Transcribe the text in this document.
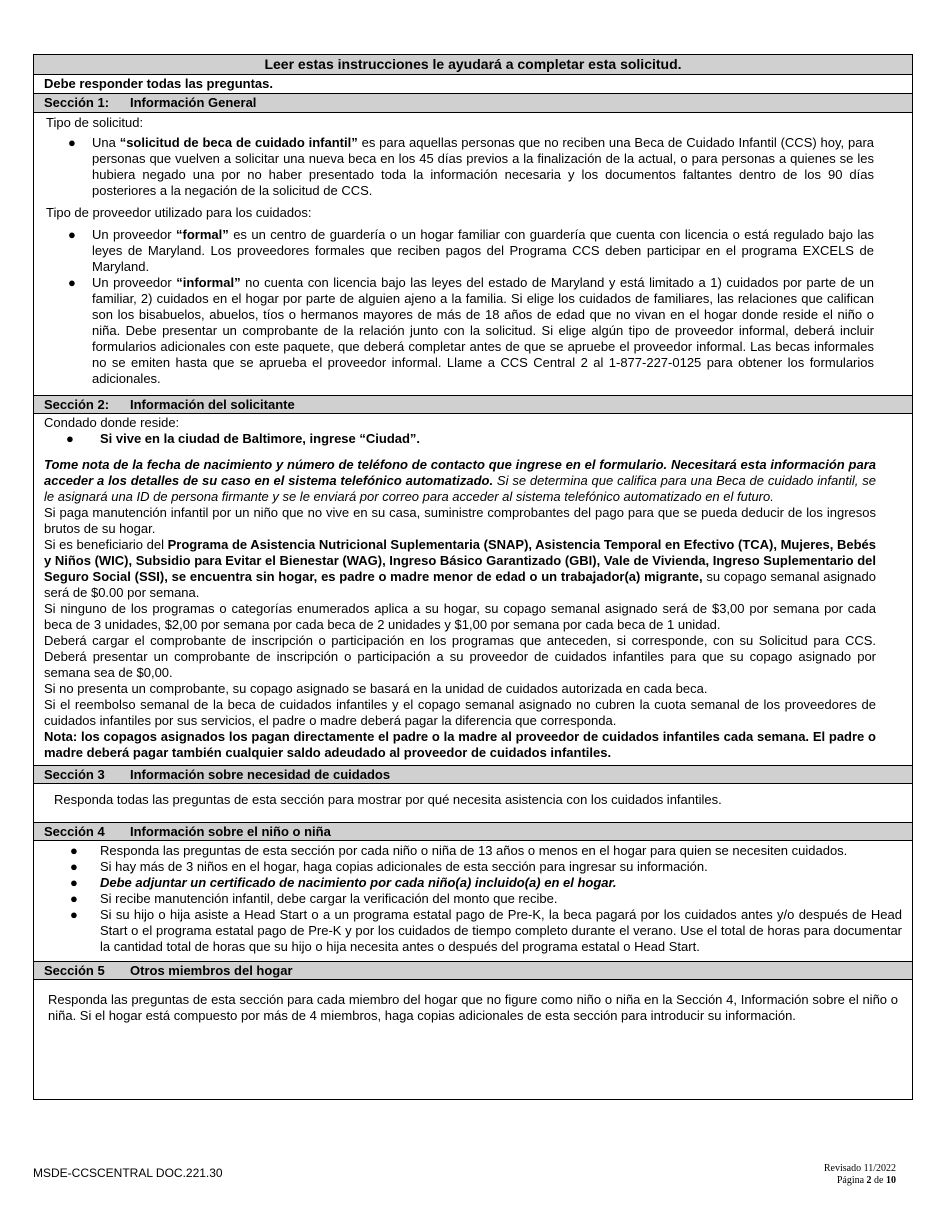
Leer estas instrucciones le ayudará a completar esta solicitud.
Debe responder todas las preguntas.
Sección 1: Información General

Tipo de solicitud:

● Una “solicitud de beca de cuidado infantil” es para aquellas personas que no reciben una Beca de Cuidado Infantil (CCS) hoy, para personas que vuelven a solicitar una nueva beca en los 45 días previos a la finalización de la actual, o para personas a quienes se les hubiera negado una por no haber presentado toda la información necesaria y los documentos faltantes dentro de los 90 días posteriores a la negación de la solicitud de CCS.

Tipo de proveedor utilizado para los cuidados:

● Un proveedor “formal” es un centro de guardería o un hogar familiar con guardería que cuenta con licencia o está regulado bajo las leyes de Maryland. Los proveedores formales que reciben pagos del Programa CCS deben participar en el programa EXCELS de Maryland.
● Un proveedor “informal” no cuenta con licencia bajo las leyes del estado de Maryland y está limitado a 1) cuidados por parte de un familiar, 2) cuidados en el hogar por parte de alguien ajeno a la familia. Si elige los cuidados de familiares, las relaciones que califican son los bisabuelos, abuelos, tíos o hermanos mayores de más de 18 años de edad que no vivan en el hogar donde reside el niño o niña. Debe presentar un comprobante de la relación junto con la solicitud. Si elige algún tipo de proveedor informal, deberá incluir formularios adicionales con este paquete, que deberá completar antes de que se apruebe el proveedor informal. Las becas informales no se emiten hasta que se aprueba el proveedor informal. Llame a CCS Central 2 al 1-877-227-0125 para obtener los formularios adicionales.
Sección 2: Información del solicitante

Condado donde reside:

● Si vive en la ciudad de Baltimore, ingrese “Ciudad”.

Tome nota de la fecha de nacimiento y número de teléfono de contacto que ingrese en el formulario. Necesitará esta información para acceder a los detalles de su caso en el sistema telefónico automatizado. Si se determina que califica para una Beca de cuidado infantil, se le asignará una ID de persona firmante y se le enviará por correo para acceder al sistema telefónico automatizado en el futuro.

Si paga manutención infantil por un niño que no vive en su casa, suministre comprobantes del pago para que se pueda deducir de los ingresos brutos de su hogar.

Si es beneficiario del Programa de Asistencia Nutricional Suplementaria (SNAP), Asistencia Temporal en Efectivo (TCA), Mujeres, Bebés y Niños (WIC), Subsidio para Evitar el Bienestar (WAG), Ingreso Básico Garantizado (GBI), Vale de Vivienda, Ingreso Suplementario del Seguro Social (SSI), se encuentra sin hogar, es padre o madre menor de edad o un trabajador(a) migrante, su copago semanal asignado será de $0.00 por semana.

Si ninguno de los programas o categorías enumerados aplica a su hogar, su copago semanal asignado será de $3,00 por semana por cada beca de 3 unidades, $2,00 por semana por cada beca de 2 unidades y $1,00 por semana por cada beca de 1 unidad.

Deberá cargar el comprobante de inscripción o participación en los programas que anteceden, si corresponde, con su Solicitud para CCS. Deberá presentar un comprobante de inscripción o participación a su proveedor de cuidados infantiles para que su copago asignado por semana sea de $0,00.

Si no presenta un comprobante, su copago asignado se basará en la unidad de cuidados autorizada en cada beca.

Si el reembolso semanal de la beca de cuidados infantiles y el copago semanal asignado no cubren la cuota semanal de los proveedores de cuidados infantiles por sus servicios, el padre o madre deberá pagar la diferencia que corresponda.

Nota: los copagos asignados los pagan directamente el padre o la madre al proveedor de cuidados infantiles cada semana. El padre o madre deberá pagar también cualquier saldo adeudado al proveedor de cuidados infantiles.

Sección 3 Información sobre necesidad de cuidados

Responda todas las preguntas de esta sección para mostrar por qué necesita asistencia con los cuidados infantiles.

Sección 4 Información sobre el niño o niña
● Responda las preguntas de esta sección por cada niño o niña de 13 años o menos en el hogar para quien se necesiten cuidados.
● Si hay más de 3 niños en el hogar, haga copias adicionales de esta sección para ingresar su información.
● Debe adjuntar un certificado de nacimiento por cada niño(a) incluido(a) en el hogar.
● Si recibe manutención infantil, debe cargar la verificación del monto que recibe.
● Si su hijo o hija asiste a Head Start o a un programa estatal pago de Pre-K, la beca pagará por los cuidados antes y/o después de Head Start o el programa estatal pago de Pre-K y por los cuidados de tiempo completo durante el verano. Use el total de horas para documentar la cantidad total de horas que su hijo o hija necesita antes o después del programa estatal o Head Start.
Sección 5 Otros miembros del hogar

Responda las preguntas de esta sección para cada miembro del hogar que no figure como niño o niña en la Sección 4, Información sobre el niño o niña. Si el hogar está compuesto por más de 4 miembros, haga copias adicionales de esta sección para introducir su información.

MSDE-CCSCENTRAL DOC.221.30	Revisado 11/2022
Página 2 de 10
